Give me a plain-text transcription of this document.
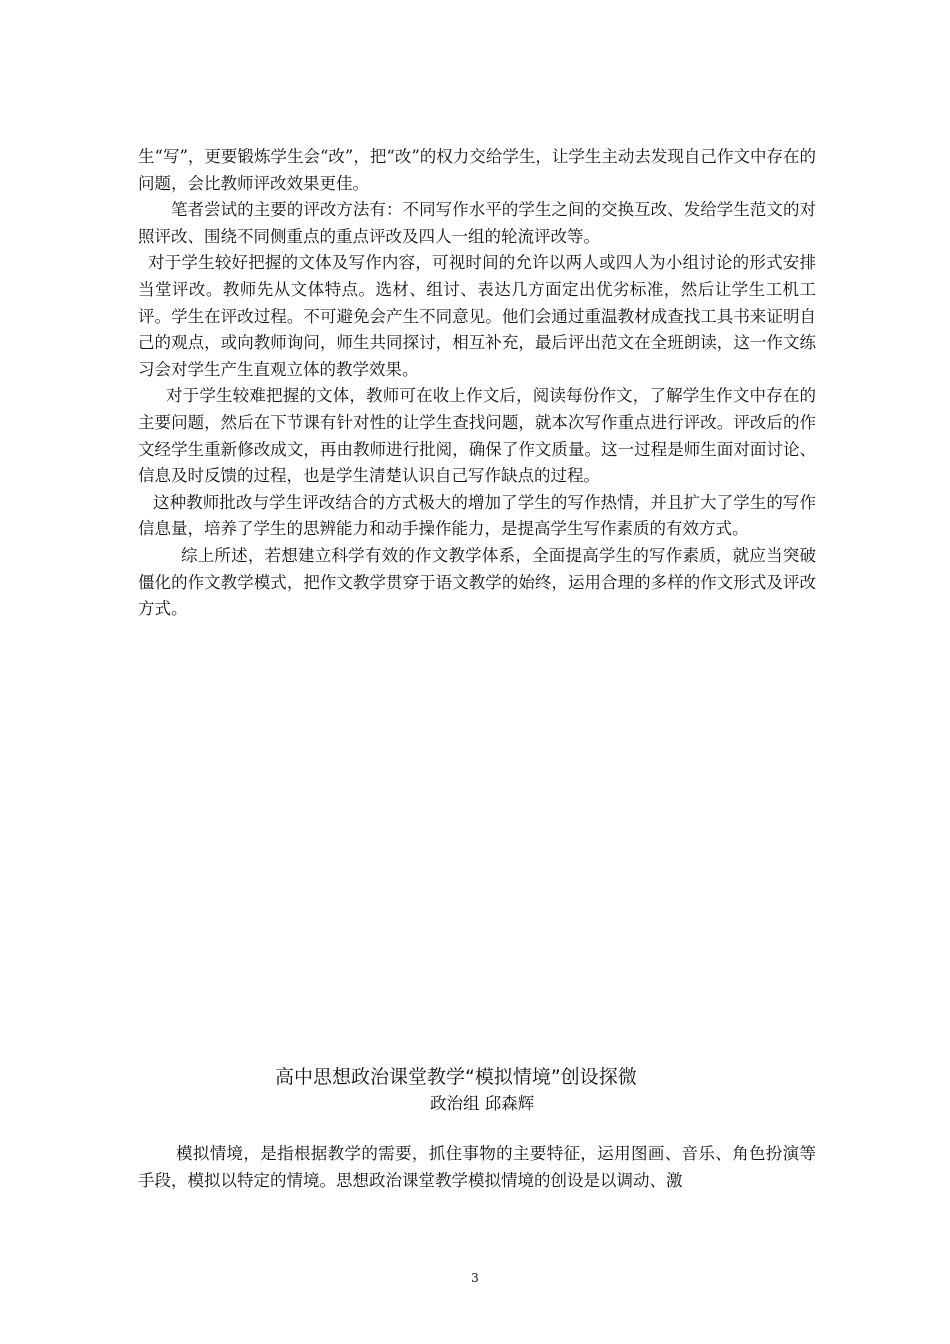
生“写”，更要锻炼学生会“改”，把“改”的权力交给学生，让学生主动去发现自己作文中存在的问题，会比教师评改效果更佳。

笔者尝试的主要的评改方法有：不同写作水平的学生之间的交换互改、发给学生范文的对照评改、围绕不同侧重点的重点评改及四人一组的轮流评改等。

对于学生较好把握的文体及写作内容，可视时间的允许以两人或四人为小组讨论的形式安排当堂评改。教师先从文体特点。选材、组讨、表达几方面定出优劣标准，然后让学生工机工评。学生在评改过程。不可避免会产生不同意见。他们会通过重温教材成查找工具书来证明自己的观点，或向教师询问，师生共同探讨，相互补充，最后评出范文在全班朗读，这一作文练习会对学生产生直观立体的教学效果。

对于学生较难把握的文体，教师可在收上作文后，阅读每份作文，了解学生作文中存在的主要问题，然后在下节课有针对性的让学生查找问题，就本次写作重点进行评改。评改后的作文经学生重新修改成文，再由教师进行批阅，确保了作文质量。这一过程是师生面对面讨论、信息及时反馈的过程，也是学生清楚认识自己写作缺点的过程。

这种教师批改与学生评改结合的方式极大的增加了学生的写作热情，并且扩大了学生的写作信息量，培养了学生的思辨能力和动手操作能力，是提高学生写作素质的有效方式。

综上所述，若想建立科学有效的作文教学体系，全面提高学生的写作素质，就应当突破僵化的作文教学模式，把作文教学贯穿于语文教学的始终，运用合理的多样的作文形式及评改方式。

高中思想政治课堂教学“模拟情境”创设探微
政治组 邱森辉

模拟情境，是指根据教学的需要，抓住事物的主要特征，运用图画、音乐、角色扮演等手段，模拟以特定的情境。思想政治课堂教学模拟情境的创设是以调动、激

3
